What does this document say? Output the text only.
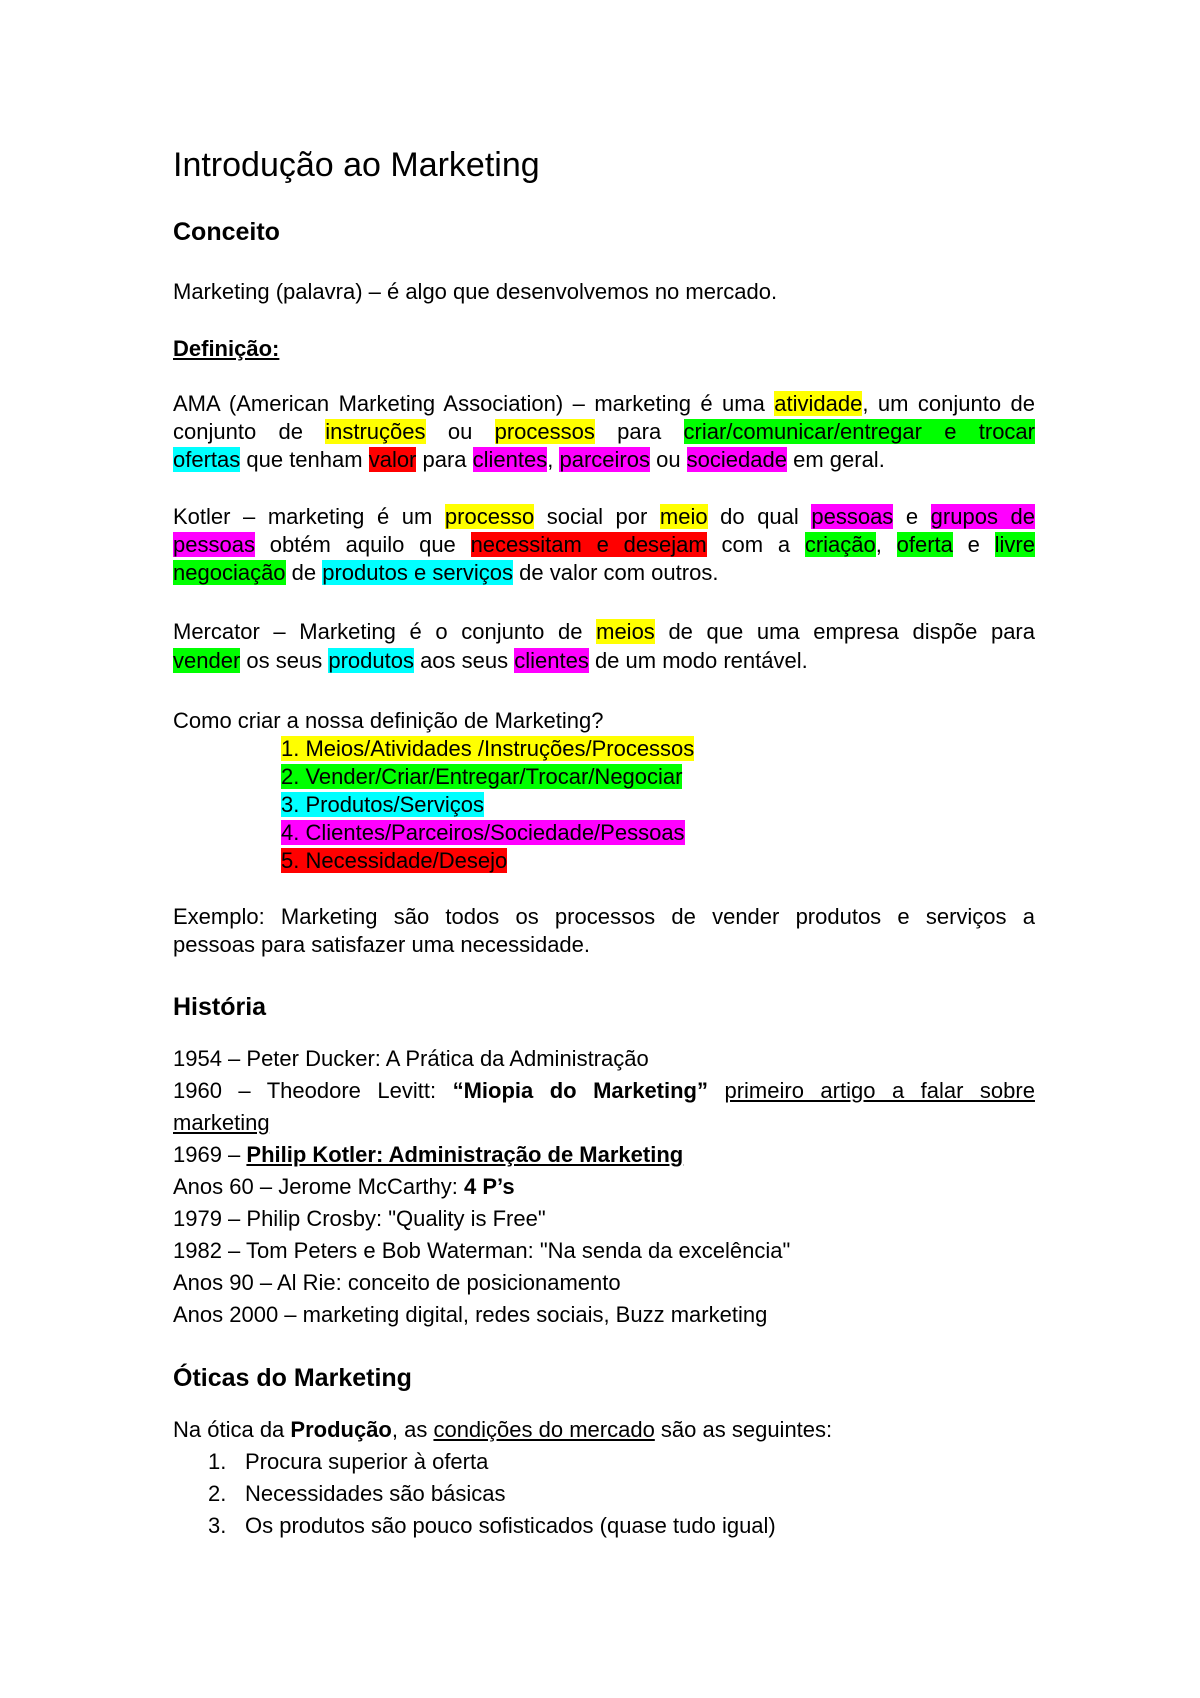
Introdução ao Marketing
Conceito
Marketing (palavra) – é algo que desenvolvemos no mercado.
Definição:
AMA (American Marketing Association) – marketing é uma atividade, um conjunto de
conjunto de instruções ou processos para criar/comunicar/entregar e trocar
ofertas que tenham valor para clientes, parceiros ou sociedade em geral.
Kotler – marketing é um processo social por meio do qual pessoas e grupos de
pessoas obtém aquilo que necessitam e desejam com a criação, oferta e livre
negociação de produtos e serviços de valor com outros.
Mercator – Marketing é o conjunto de meios de que uma empresa dispõe para
vender os seus produtos aos seus clientes de um modo rentável.
Como criar a nossa definição de Marketing?
1. Meios/Atividades /Instruções/Processos
2. Vender/Criar/Entregar/Trocar/Negociar
3. Produtos/Serviços
4. Clientes/Parceiros/Sociedade/Pessoas
5. Necessidade/Desejo
Exemplo: Marketing são todos os processos de vender produtos e serviços a
pessoas para satisfazer uma necessidade.
História
1954 – Peter Ducker: A Prática da Administração
1960 – Theodore Levitt: “Miopia do Marketing” primeiro artigo a falar sobre
marketing
1969 – Philip Kotler: Administração de Marketing
Anos 60 – Jerome McCarthy: 4 P’s
1979 – Philip Crosby: "Quality is Free"
1982 – Tom Peters e Bob Waterman: "Na senda da excelência"
Anos 90 – Al Rie: conceito de posicionamento
Anos 2000 – marketing digital, redes sociais, Buzz marketing
Óticas do Marketing
Na ótica da Produção, as condições do mercado são as seguintes:
1. Procura superior à oferta
2. Necessidades são básicas
3. Os produtos são pouco sofisticados (quase tudo igual)
